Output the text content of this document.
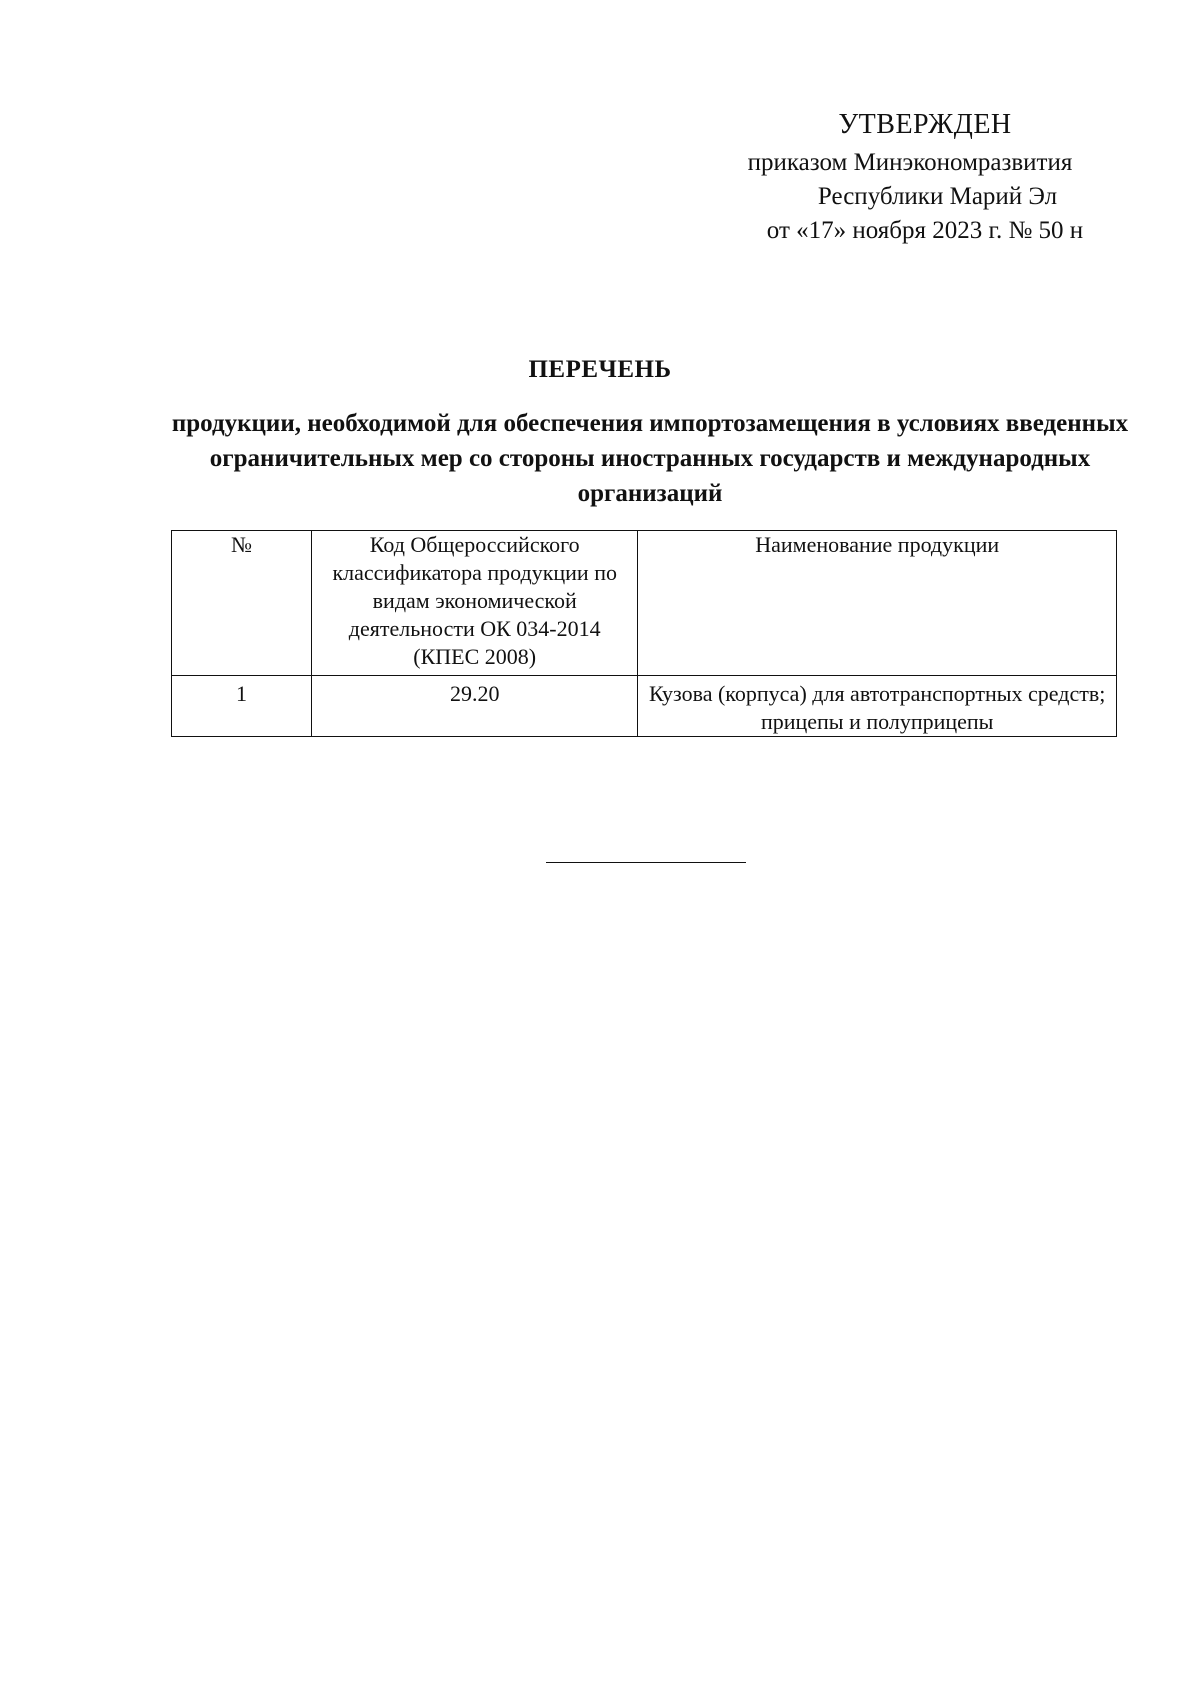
УТВЕРЖДЕН
приказом Минэкономразвития
Республики Марий Эл
от «17» ноября 2023 г. № 50 н
ПЕРЕЧЕНЬ
продукции, необходимой для обеспечения импортозамещения в условиях введенных ограничительных мер со стороны иностранных государств и международных организаций
№	Код Общероссийского классификатора продукции по видам экономической деятельности ОК 034-2014 (КПЕС 2008)	Наименование продукции
1	29.20	Кузова (корпуса) для автотранспортных средств; прицепы и полуприцепы
